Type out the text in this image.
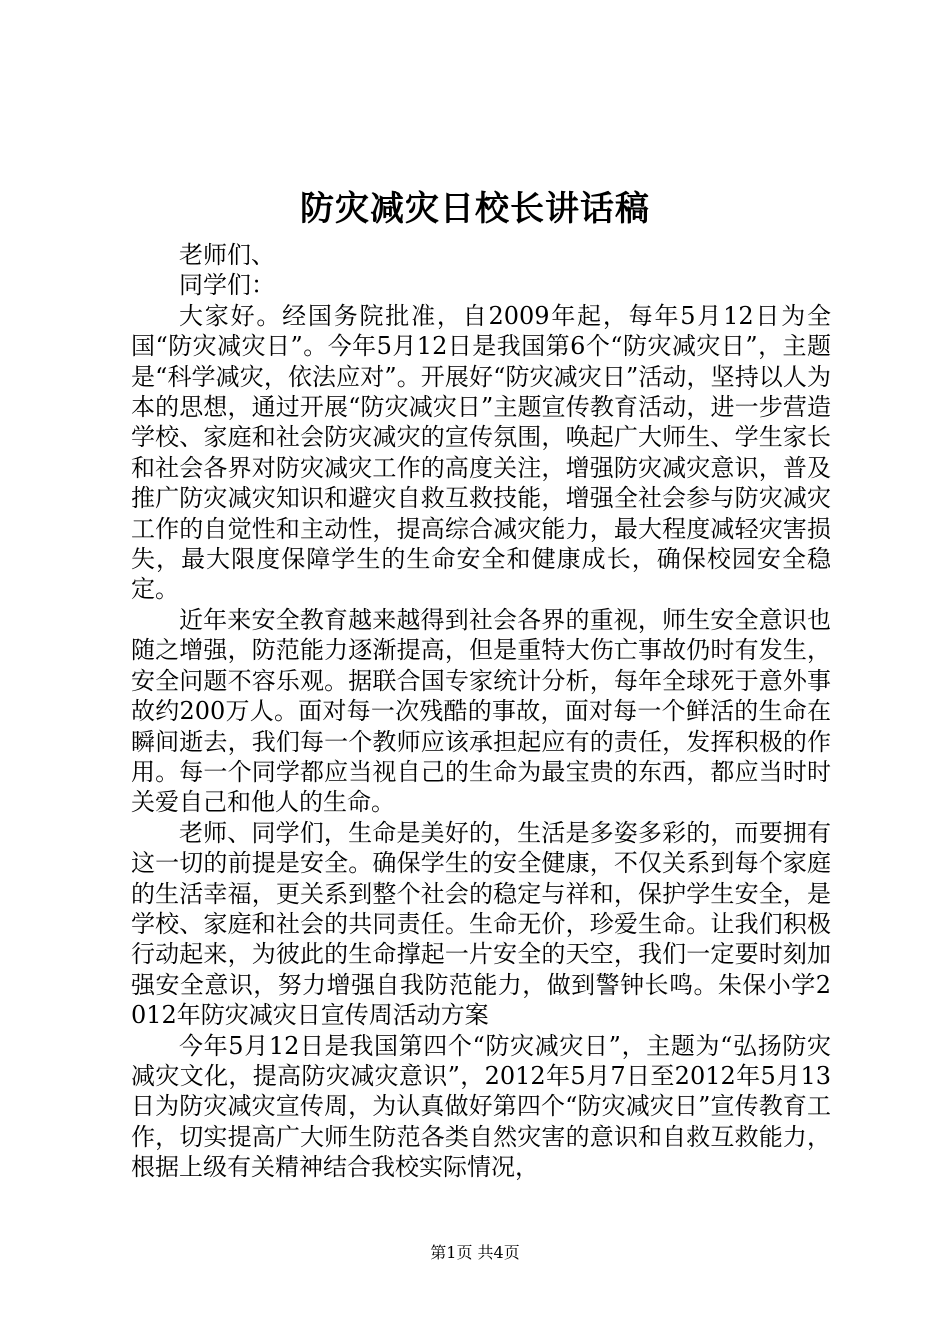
防灾减灾日校长讲话稿

老师们、

同学们：

大家好。经国务院批准，自2009年起，每年5月12日为全国“防灾减灾日”。今年5月12日是我国第6个“防灾减灾日”，主题是“科学减灾，依法应对”。开展好“防灾减灾日”活动，坚持以人为本的思想，通过开展“防灾减灾日”主题宣传教育活动，进一步营造学校、家庭和社会防灾减灾的宣传氛围，唤起广大师生、学生家长和社会各界对防灾减灾工作的高度关注，增强防灾减灾意识，普及推广防灾减灾知识和避灾自救互救技能，增强全社会参与防灾减灾工作的自觉性和主动性，提高综合减灾能力，最大程度减轻灾害损失，最大限度保障学生的生命安全和健康成长，确保校园安全稳定。

近年来安全教育越来越得到社会各界的重视，师生安全意识也随之增强，防范能力逐渐提高，但是重特大伤亡事故仍时有发生，安全问题不容乐观。据联合国专家统计分析，每年全球死于意外事故约200万人。面对每一次残酷的事故，面对每一个鲜活的生命在瞬间逝去，我们每一个教师应该承担起应有的责任，发挥积极的作用。每一个同学都应当视自己的生命为最宝贵的东西，都应当时时关爱自己和他人的生命。

老师、同学们，生命是美好的，生活是多姿多彩的，而要拥有这一切的前提是安全。确保学生的安全健康，不仅关系到每个家庭的生活幸福，更关系到整个社会的稳定与祥和，保护学生安全，是学校、家庭和社会的共同责任。生命无价，珍爱生命。让我们积极行动起来，为彼此的生命撑起一片安全的天空，我们一定要时刻加强安全意识，努力增强自我防范能力，做到警钟长鸣。朱保小学2012年防灾减灾日宣传周活动方案

今年5月12日是我国第四个“防灾减灾日”，主题为“弘扬防灾减灾文化，提高防灾减灾意识”，2012年5月7日至2012年5月13日为防灾减灾宣传周，为认真做好第四个“防灾减灾日”宣传教育工作，切实提高广大师生防范各类自然灾害的意识和自救互救能力，根据上级有关精神结合我校实际情况，

第1页 共4页
